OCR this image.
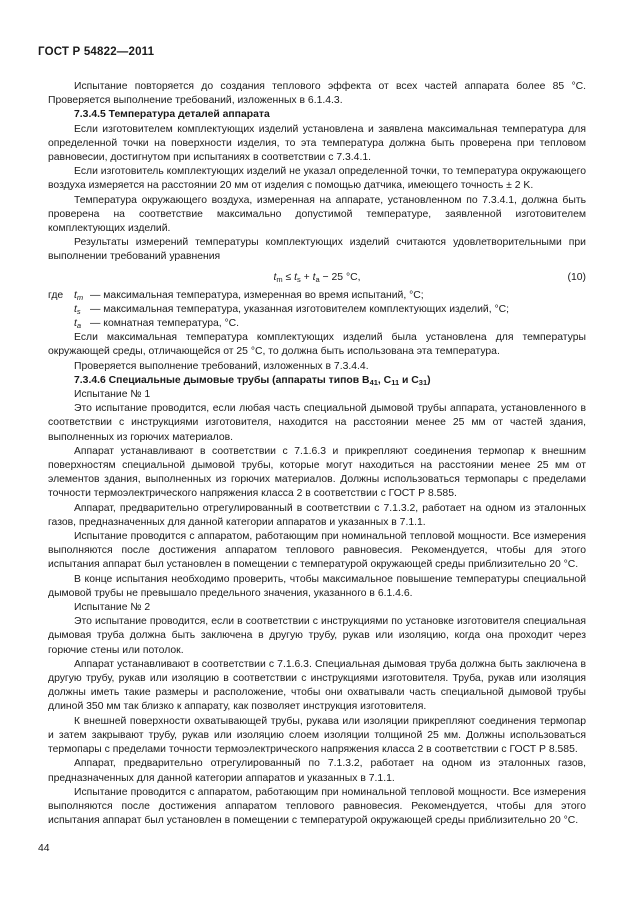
ГОСТ Р 54822—2011

Испытание повторяется до создания теплового эффекта от всех частей аппарата более 85 °C. Проверяется выполнение требований, изложенных в 6.1.4.3.

7.3.4.5 Температура деталей аппарата

Если изготовителем комплектующих изделий установлена и заявлена максимальная температура для определенной точки на поверхности изделия, то эта температура должна быть проверена при тепловом равновесии, достигнутом при испытаниях в соответствии с 7.3.4.1.

Если изготовитель комплектующих изделий не указал определенной точки, то температура окружающего воздуха измеряется на расстоянии 20 мм от изделия с помощью датчика, имеющего точность ± 2 K.

Температура окружающего воздуха, измеренная на аппарате, установленном по 7.3.4.1, должна быть проверена на соответствие максимально допустимой температуре, заявленной изготовителем комплектующих изделий.

Результаты измерений температуры комплектующих изделий считаются удовлетворительными при выполнении требований уравнения

$t_m \le t_s + t_a - 25$ °C,	(10)
где $t_m$ — максимальная температура, измеренная во время испытаний, °C;
$t_s$ — максимальная температура, указанная изготовителем комплектующих изделий, °C;
$t_a$ — комнатная температура, °C.

Если максимальная температура комплектующих изделий была установлена для температуры окружающей среды, отличающейся от 25 °C, то должна быть использована эта температура.

Проверяется выполнение требований, изложенных в 7.3.4.4.

7.3.4.6 Специальные дымовые трубы (аппараты типов $B_{41}$, $C_{11}$ и $C_{31}$)

Испытание № 1

Это испытание проводится, если любая часть специальной дымовой трубы аппарата, установленного в соответствии с инструкциями изготовителя, находится на расстоянии менее 25 мм от частей здания, выполненных из горючих материалов.

Аппарат устанавливают в соответствии с 7.1.6.3 и прикрепляют соединения термопар к внешним поверхностям специальной дымовой трубы, которые могут находиться на расстоянии менее 25 мм от элементов здания, выполненных из горючих материалов. Должны использоваться термопары с пределами точности термоэлектрического напряжения класса 2 в соответствии с ГОСТ Р 8.585.

Аппарат, предварительно отрегулированный в соответствии с 7.1.3.2, работает на одном из эталонных газов, предназначенных для данной категории аппаратов и указанных в 7.1.1.

Испытание проводится с аппаратом, работающим при номинальной тепловой мощности. Все измерения выполняются после достижения аппаратом теплового равновесия. Рекомендуется, чтобы для этого испытания аппарат был установлен в помещении с температурой окружающей среды приблизительно 20 °C.

В конце испытания необходимо проверить, чтобы максимальное повышение температуры специальной дымовой трубы не превышало предельного значения, указанного в 6.1.4.6.

Испытание № 2

Это испытание проводится, если в соответствии с инструкциями по установке изготовителя специальная дымовая труба должна быть заключена в другую трубу, рукав или изоляцию, когда она проходит через горючие стены или потолок.

Аппарат устанавливают в соответствии с 7.1.6.3. Специальная дымовая труба должна быть заключена в другую трубу, рукав или изоляцию в соответствии с инструкциями изготовителя. Труба, рукав или изоляция должны иметь такие размеры и расположение, чтобы они охватывали часть специальной дымовой трубы длиной 350 мм так близко к аппарату, как позволяет инструкция изготовителя.

К внешней поверхности охватывающей трубы, рукава или изоляции прикрепляют соединения термопар и затем закрывают трубу, рукав или изоляцию слоем изоляции толщиной 25 мм. Должны использоваться термопары с пределами точности термоэлектрического напряжения класса 2 в соответствии с ГОСТ Р 8.585.

Аппарат, предварительно отрегулированный по 7.1.3.2, работает на одном из эталонных газов, предназначенных для данной категории аппаратов и указанных в 7.1.1.

Испытание проводится с аппаратом, работающим при номинальной тепловой мощности. Все измерения выполняются после достижения аппаратом теплового равновесия. Рекомендуется, чтобы для этого испытания аппарат был установлен в помещении с температурой окружающей среды приблизительно 20 °C.

44
